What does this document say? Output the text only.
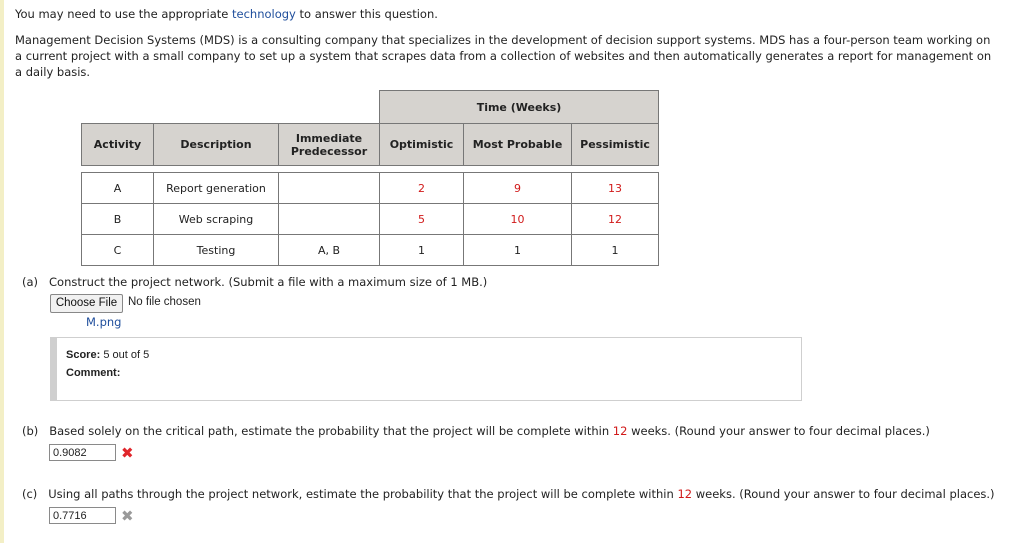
You may need to use the appropriate technology to answer this question.
Management Decision Systems (MDS) is a consulting company that specializes in the development of decision support systems. MDS has a four-person team working on a current project with a small company to set up a system that scrapes data from a collection of websites and then automatically generates a report for management on a daily basis.
			Time (Weeks)		
Activity	Description	Immediate Predecessor	Optimistic	Most Probable	Pessimistic

A	Report generation		2	9	13
B	Web scraping		5	10	12
C	Testing	A, B	1	1	1
(a) Construct the project network. (Submit a file with a maximum size of 1 MB.)
Choose File No file chosen
M.png
Score: 5 out of 5
Comment:
(b) Based solely on the critical path, estimate the probability that the project will be complete within 12 weeks. (Round your answer to four decimal places.)
0.9082	✖
(c) Using all paths through the project network, estimate the probability that the project will be complete within 12 weeks. (Round your answer to four decimal places.)
0.7716	✖
